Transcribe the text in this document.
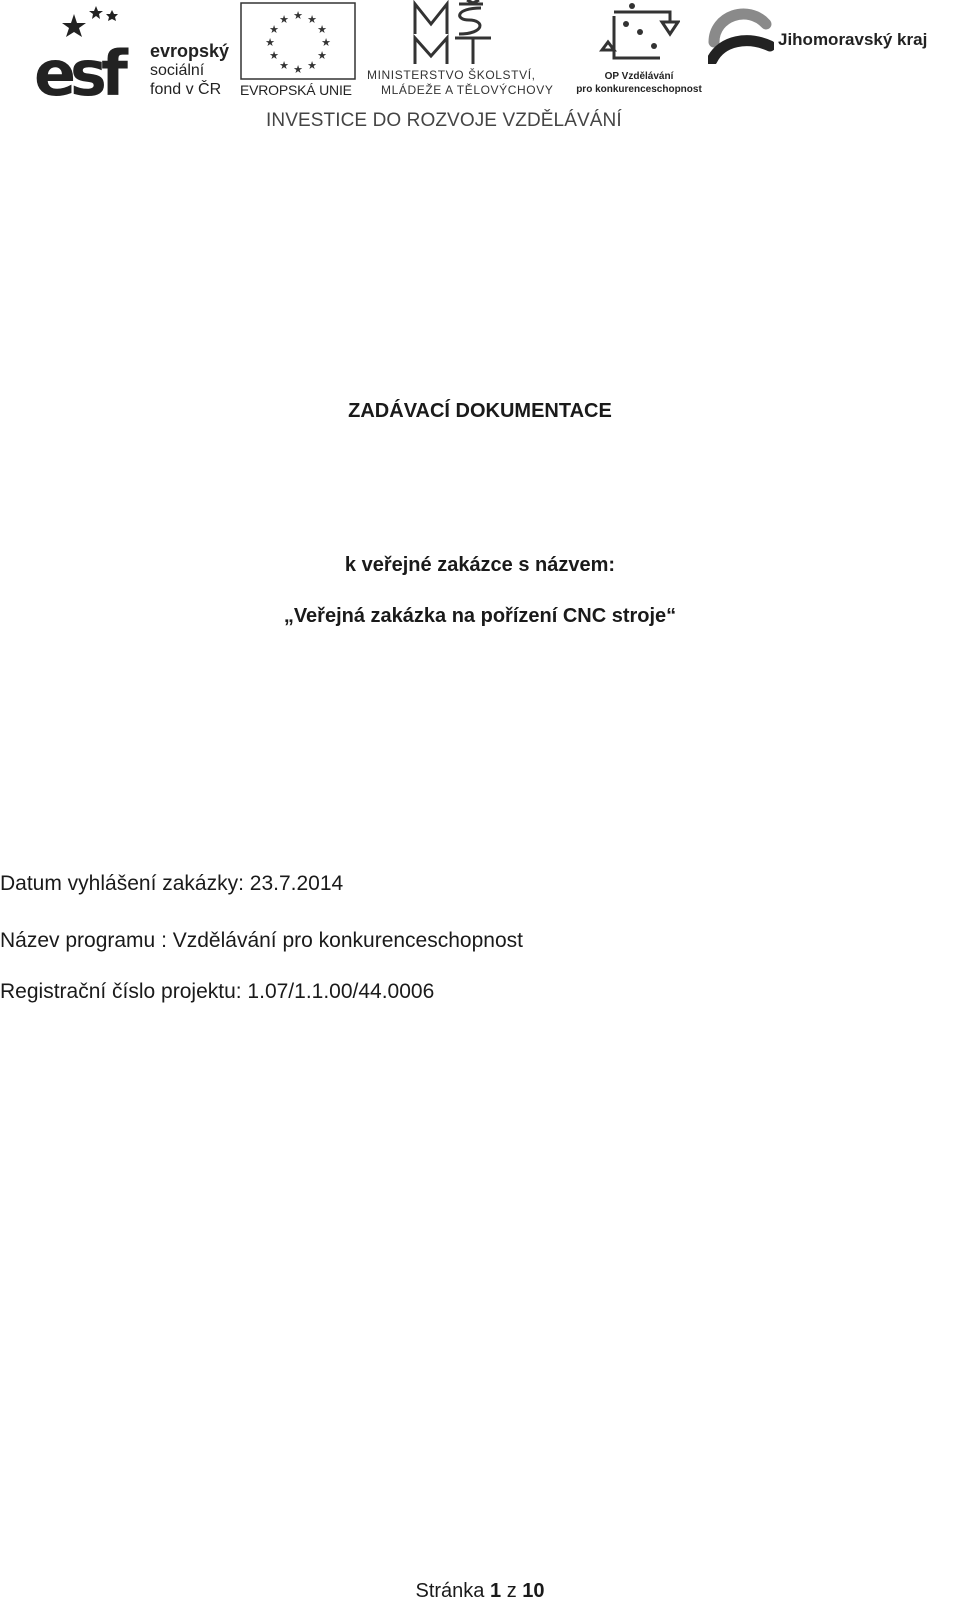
esf	evropský
sociální
fond v ČR
★ ★
★
★
★
★
★
★
★
★
★
★
EVROPSKÁ UNIE
MINISTERSTVO ŠKOLSTVÍ,
MLÁDEŽE A TĚLOVÝCHOVY
OP Vzdělávání
pro konkurenceschopnost
Jihomoravský kraj
INVESTICE DO ROZVOJE VZDĚLÁVÁNÍ
ZADÁVACÍ DOKUMENTACE
k veřejné zakázce s názvem:
„Veřejná zakázka na pořízení CNC stroje“
Datum vyhlášení zakázky: 23.7.2014
Název programu : Vzdělávání pro konkurenceschopnost
Registrační číslo projektu: 1.07/1.1.00/44.0006
Stránka 1 z 10
